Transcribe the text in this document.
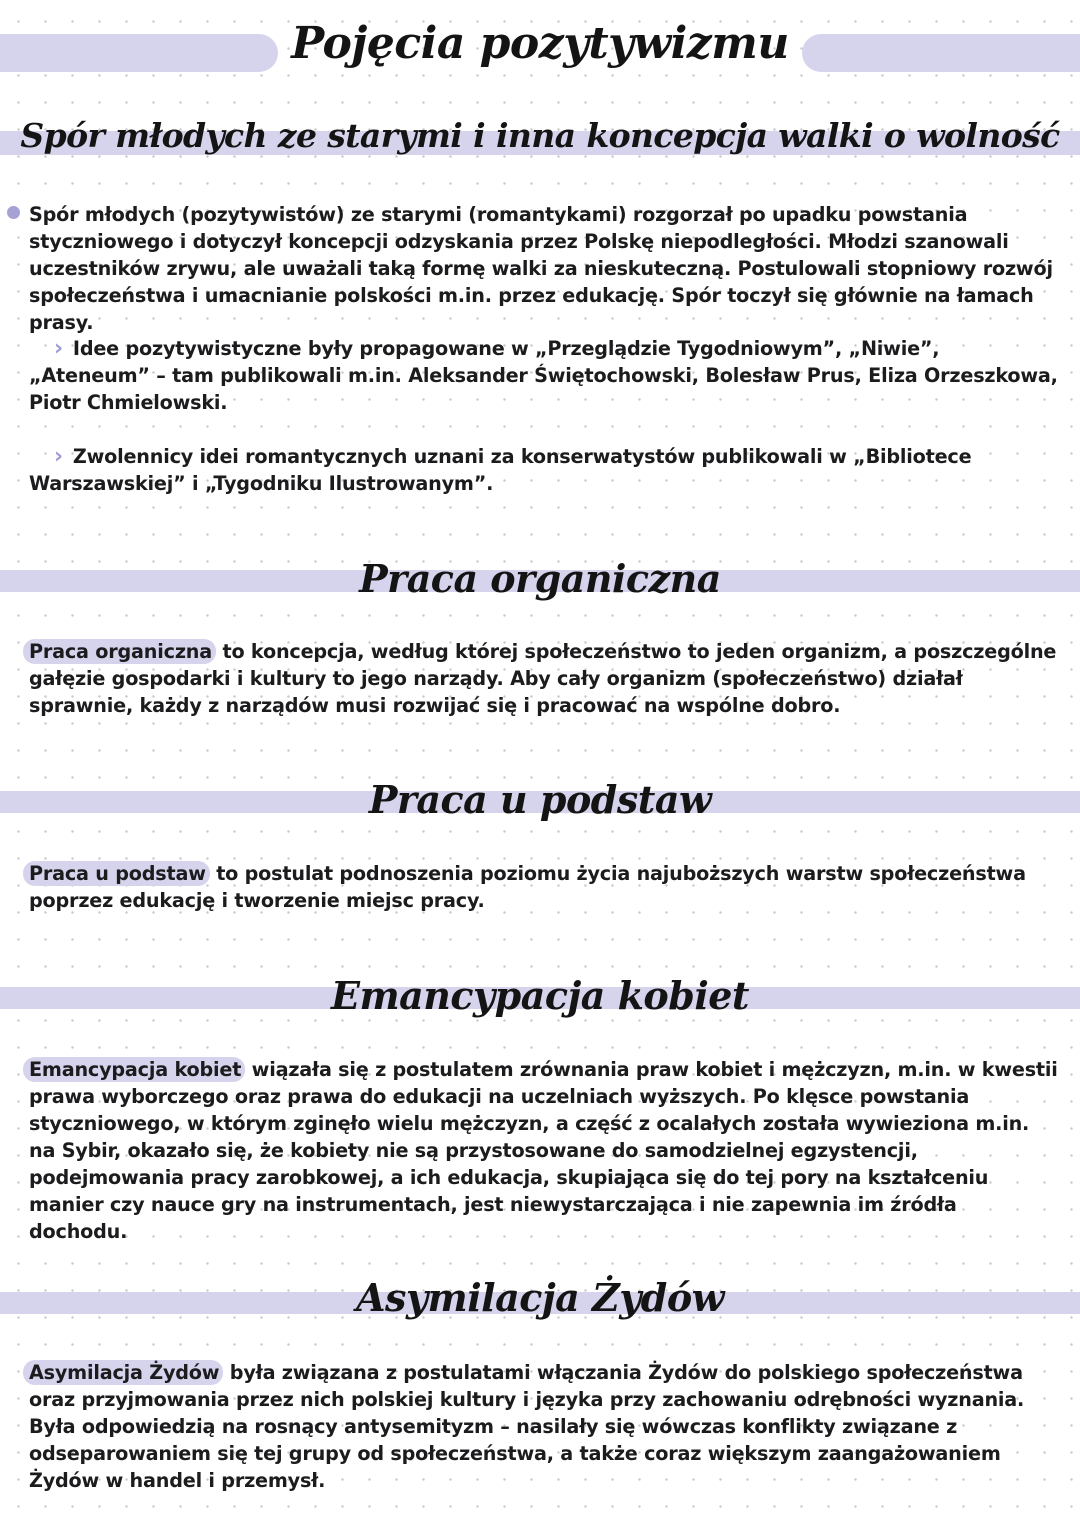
Pojęcia pozytywizmu
Spór młodych ze starymi i inna koncepcja walki o wolność

Spór młodych (pozytywistów) ze starymi (romantykami) rozgorzał po upadku powstania styczniowego i dotyczył koncepcji odzyskania przez Polskę niepodległości. Młodzi szanowali uczestników zrywu, ale uważali taką formę walki za nieskuteczną. Postulowali stopniowy rozwój społeczeństwa i umacnianie polskości m.in. przez edukację. Spór toczył się głównie na łamach prasy.

› Idee pozytywistyczne były propagowane w „Przeglądzie Tygodniowym”, „Niwie”, „Ateneum” – tam publikowali m.in. Aleksander Świętochowski, Bolesław Prus, Eliza Orzeszkowa, Piotr Chmielowski.

› Zwolennicy idei romantycznych uznani za konserwatystów publikowali w „Bibliotece Warszawskiej” i „Tygodniku Ilustrowanym”.

Praca organiczna

Praca organiczna to koncepcja, według której społeczeństwo to jeden organizm, a poszczególne gałęzie gospodarki i kultury to jego narządy. Aby cały organizm (społeczeństwo) działał sprawnie, każdy z narządów musi rozwijać się i pracować na wspólne dobro.

Praca u podstaw

Praca u podstaw to postulat podnoszenia poziomu życia najuboższych warstw społeczeństwa poprzez edukację i tworzenie miejsc pracy.

Emancypacja kobiet

Emancypacja kobiet wiązała się z postulatem zrównania praw kobiet i mężczyzn, m.in. w kwestii prawa wyborczego oraz prawa do edukacji na uczelniach wyższych. Po klęsce powstania styczniowego, w którym zginęło wielu mężczyzn, a część z ocalałych została wywieziona m.in. na Sybir, okazało się, że kobiety nie są przystosowane do samodzielnej egzystencji, podejmowania pracy zarobkowej, a ich edukacja, skupiająca się do tej pory na kształceniu manier czy nauce gry na instrumentach, jest niewystarczająca i nie zapewnia im źródła dochodu.

Asymilacja Żydów

Asymilacja Żydów była związana z postulatami włączania Żydów do polskiego społeczeństwa oraz przyjmowania przez nich polskiej kultury i języka przy zachowaniu odrębności wyznania. Była odpowiedzią na rosnący antysemityzm – nasilały się wówczas konflikty związane z odseparowaniem się tej grupy od społeczeństwa, a także coraz większym zaangażowaniem Żydów w handel i przemysł.
